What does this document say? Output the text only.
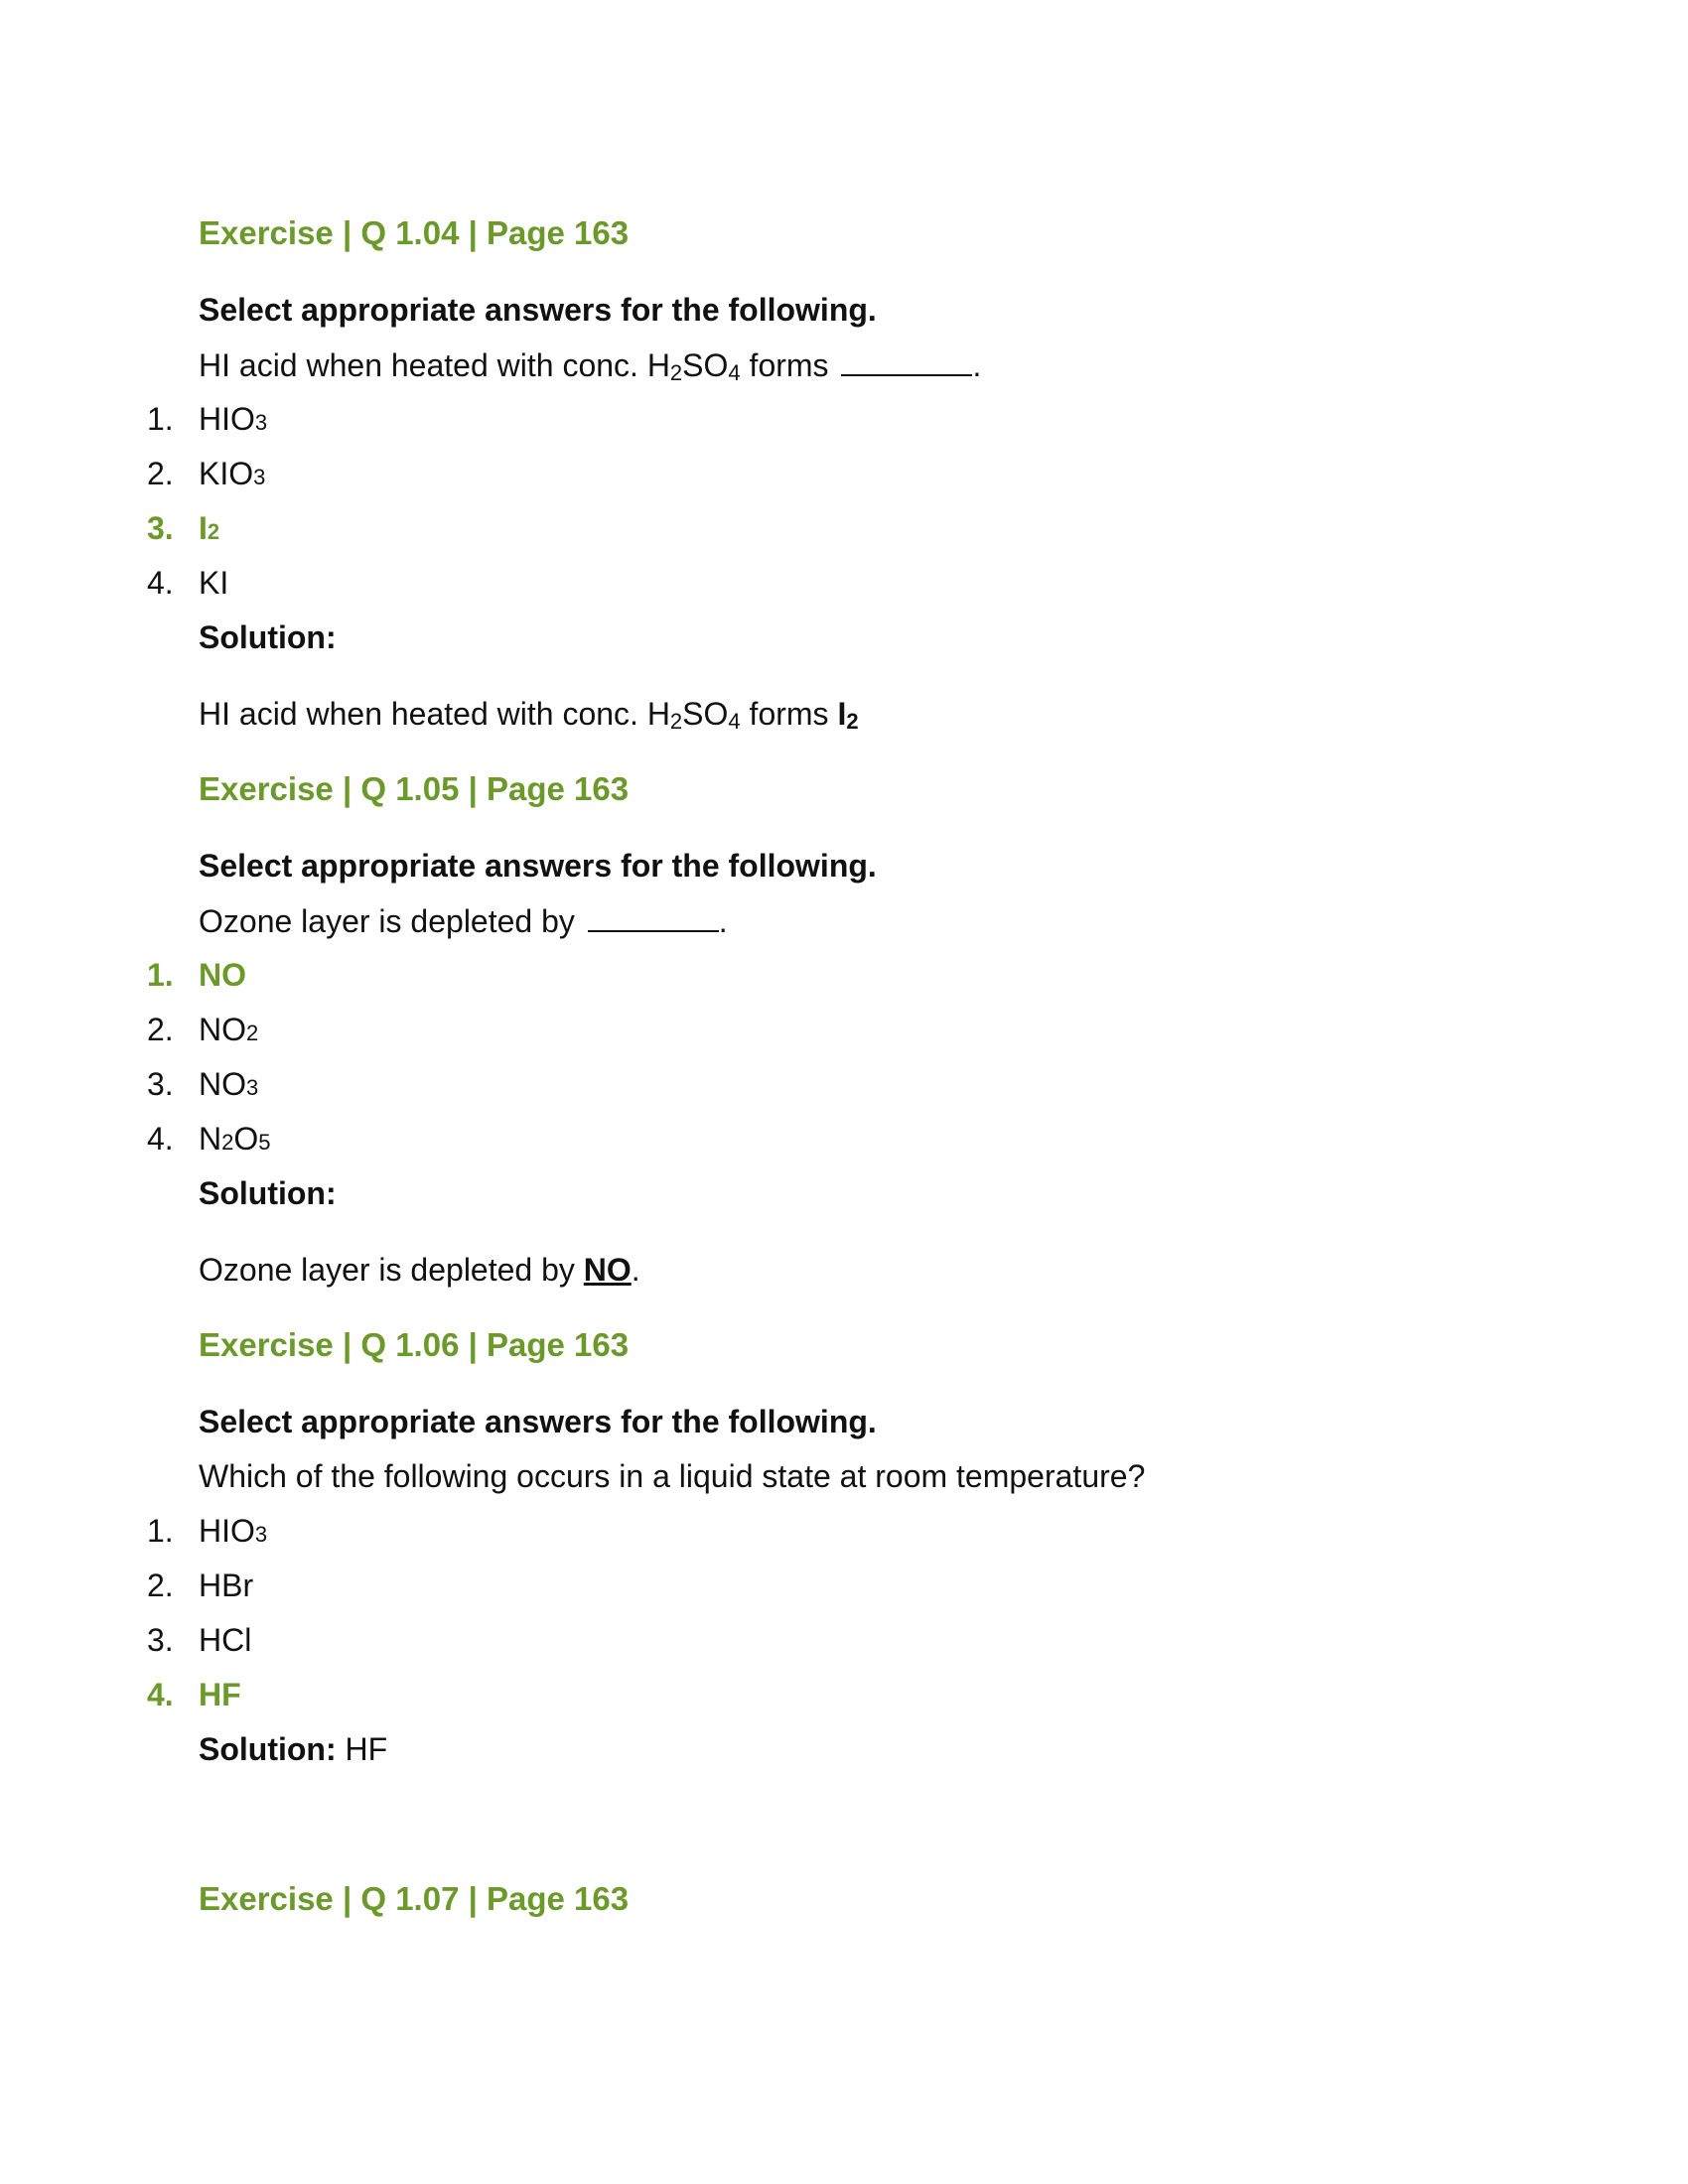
Exercise | Q 1.04 | Page 163
Select appropriate answers for the following.
HI acid when heated with conc. H2SO4 forms	.
1. HIO 3
2. KIO 3
3. I 2
4. KI
Solution:
HI acid when heated with conc. H2SO4 forms I2
Exercise | Q 1.05 | Page 163
Select appropriate answers for the following.
Ozone layer is depleted by	.
1. NO
2. NO 2
3. NO 3
4. N 2 O 5
Solution:
Ozone layer is depleted by NO.
Exercise | Q 1.06 | Page 163
Select appropriate answers for the following.
Which of the following occurs in a liquid state at room temperature?
1. HIO 3
2. HBr
3. HCl
4. HF
Solution: HF
Exercise | Q 1.07 | Page 163
